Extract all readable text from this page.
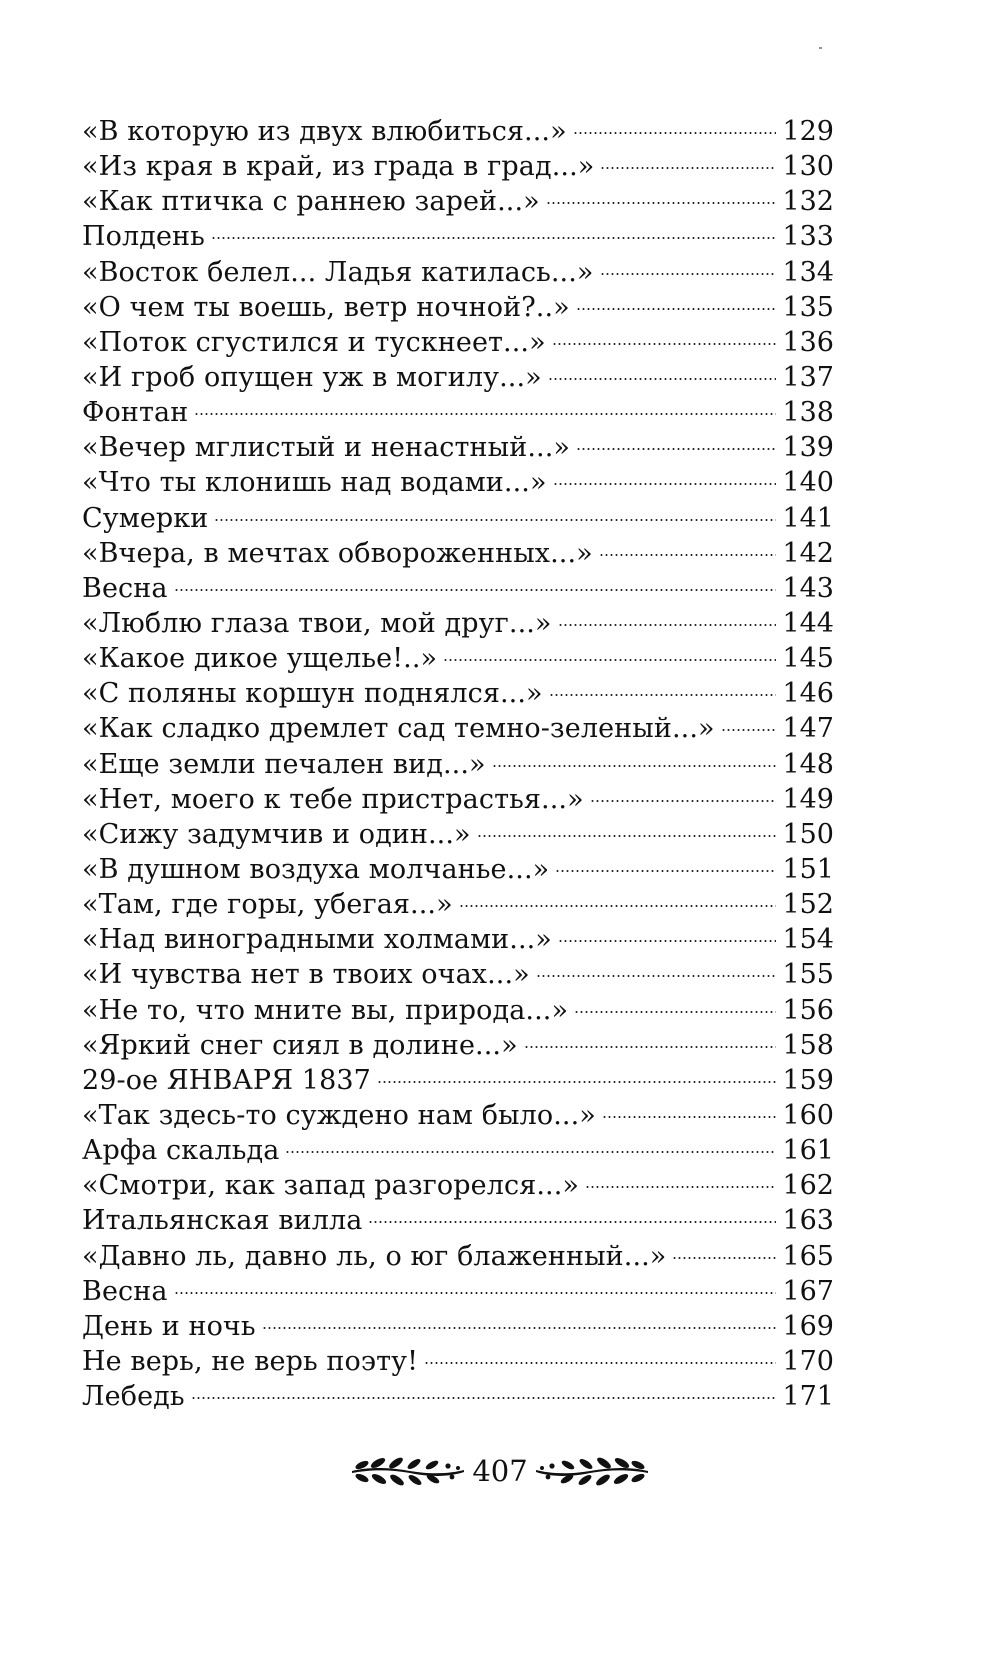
«В которую из двух влюбиться...»	129
«Из края в край, из града в град...»	130
«Как птичка с раннею зарей...»	132
Полдень	133
«Восток белел... Ладья катилась...»	134
«О чем ты воешь, ветр ночной?..»	135
«Поток сгустился и тускнеет...»	136
«И гроб опущен уж в могилу...»	137
Фонтан	138
«Вечер мглистый и ненастный...»	139
«Что ты клонишь над водами...»	140
Сумерки	141
«Вчера, в мечтах обвороженных...»	142
Весна	143
«Люблю глаза твои, мой друг...»	144
«Какое дикое ущелье!..»	145
«С поляны коршун поднялся...»	146
«Как сладко дремлет сад темно-зеленый...»	147
«Еще земли печален вид...»	148
«Нет, моего к тебе пристрастья...»	149
«Сижу задумчив и один...»	150
«В душном воздуха молчанье...»	151
«Там, где горы, убегая...»	152
«Над виноградными холмами...»	154
«И чувства нет в твоих очах...»	155
«Не то, что мните вы, природа...»	156
«Яркий снег сиял в долине...»	158
29-ое ЯНВАРЯ 1837	159
«Так здесь-то суждено нам было...»	160
Арфа скальда	161
«Смотри, как запад разгорелся...»	162
Итальянская вилла	163
«Давно ль, давно ль, о юг блаженный...»	165
Весна	167
День и ночь	169
Не верь, не верь поэту!	170
Лебедь	171
407
